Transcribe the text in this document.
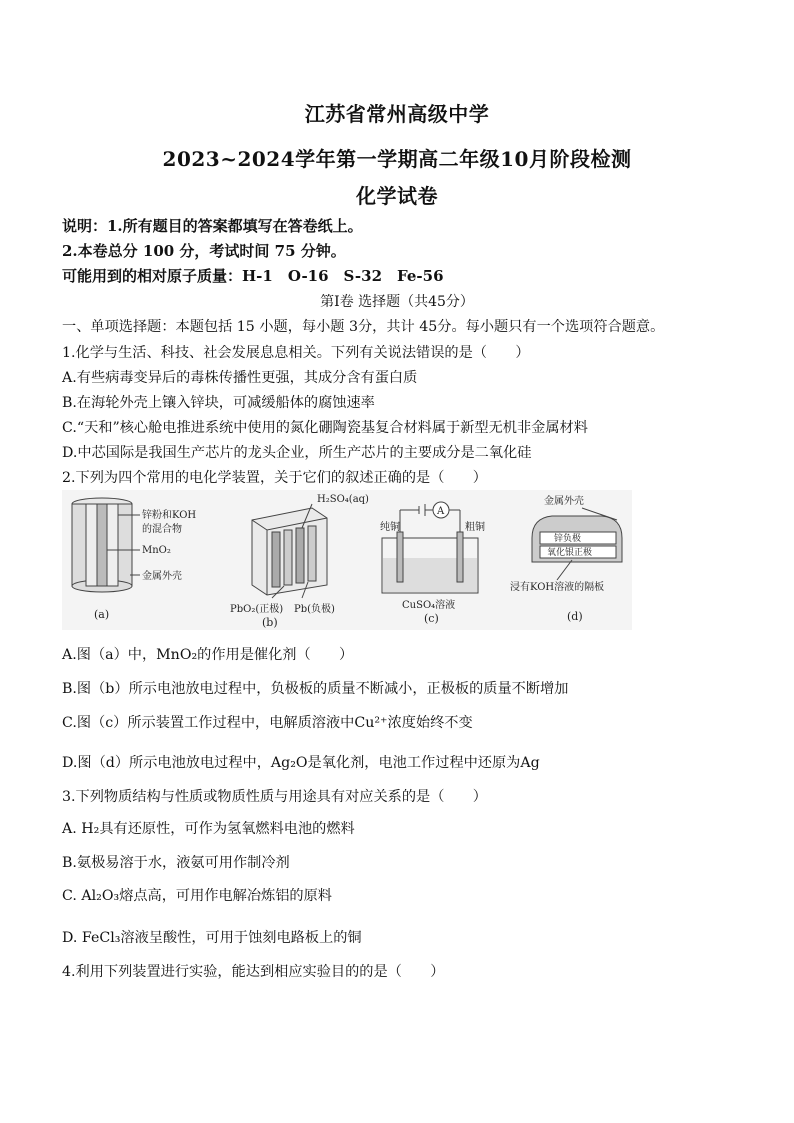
江苏省常州高级中学
2023~2024学年第一学期高二年级10月阶段检测
化学试卷
说明：1.所有题目的答案都填写在答卷纸上。
2.本卷总分 100 分，考试时间 75 分钟。
可能用到的相对原子质量：H-1　O-16　S-32　Fe-56
第Ⅰ卷 选择题（共45分）
一、单项选择题：本题包括 15 小题，每小题 3分，共计 45分。每小题只有一个选项符合题意。
1.化学与生活、科技、社会发展息息相关。下列有关说法错误的是（　　）
A.有些病毒变异后的毒株传播性更强，其成分含有蛋白质
B.在海轮外壳上镶入锌块，可减缓船体的腐蚀速率
C.“天和”核心舱电推进系统中使用的氮化硼陶瓷基复合材料属于新型无机非金属材料
D.中芯国际是我国生产芯片的龙头企业，所生产芯片的主要成分是二氧化硅
2.下列为四个常用的电化学装置，关于它们的叙述正确的是（　　）
锌粉和KOH
的混合物
MnO₂
金属外壳
(a)
H₂SO₄(aq)
PbO₂(正极) Pb(负极)
(b)
A
纯铜	粗铜
CuSO₄溶液
(c)
金属外壳
锌负极
氧化银正极
浸有KOH溶液的隔板
(d)
A.图（a）中，MnO₂的作用是催化剂（　　）
B.图（b）所示电池放电过程中，负极板的质量不断减小，正极板的质量不断增加
C.图（c）所示装置工作过程中，电解质溶液中Cu²⁺浓度始终不变
D.图（d）所示电池放电过程中，Ag₂O是氧化剂，电池工作过程中还原为Ag
3.下列物质结构与性质或物质性质与用途具有对应关系的是（　　）
A. H₂具有还原性，可作为氢氧燃料电池的燃料
B.氨极易溶于水，液氨可用作制冷剂
C. Al₂O₃熔点高，可用作电解冶炼铝的原料
D. FeCl₃溶液呈酸性，可用于蚀刻电路板上的铜
4.利用下列装置进行实验，能达到相应实验目的的是（　　）
